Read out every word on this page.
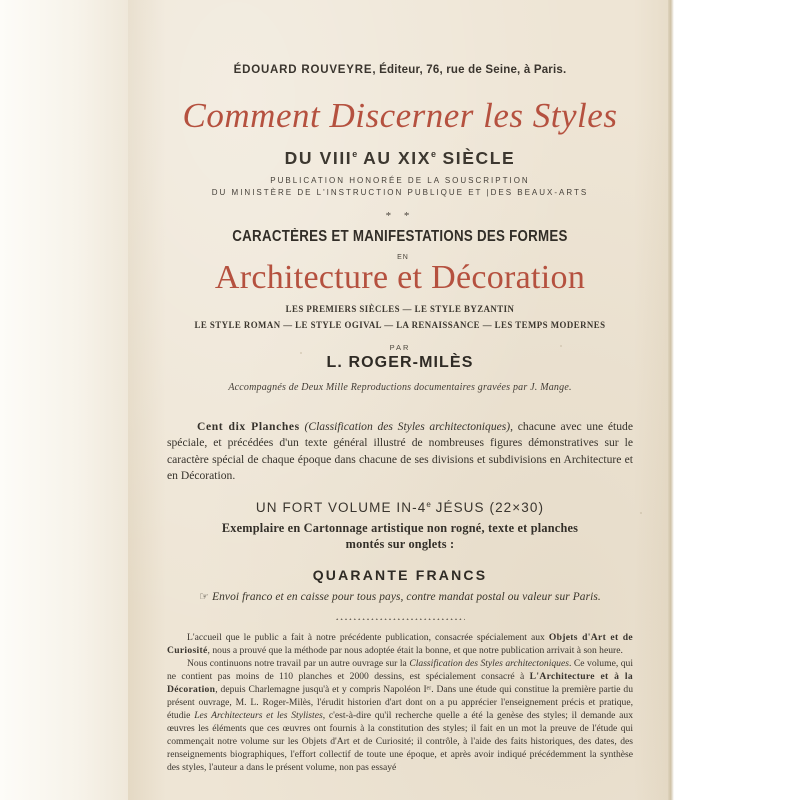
ÉDOUARD ROUVEYRE, Éditeur, 76, rue de Seine, à Paris.
Comment Discerner les Styles
DU VIIIe AU XIXe SIÈCLE
PUBLICATION HONORÉE DE LA SOUSCRIPTION
DU MINISTÈRE DE L'INSTRUCTION PUBLIQUE ET |DES BEAUX-ARTS
* *
CARACTÈRES ET MANIFESTATIONS DES FORMES
EN
Architecture et Décoration
LES PREMIERS SIÈCLES — LE STYLE BYZANTIN
LE STYLE ROMAN — LE STYLE OGIVAL — LA RENAISSANCE — LES TEMPS MODERNES
PAR
L. ROGER-MILÈS
Accompagnés de Deux Mille Reproductions documentaires gravées par J. Mange.
Cent dix Planches (Classification des Styles architectoniques), chacune avec une étude spéciale, et précédées d'un texte général illustré de nombreuses figures démonstratives sur le caractère spécial de chaque époque dans chacune de ses divisions et subdivisions en Architecture et en Décoration.
UN FORT VOLUME IN-4e JÉSUS (22×30)
Exemplaire en Cartonnage artistique non rogné, texte et planches
montés sur onglets :
QUARANTE FRANCS
☞ Envoi franco et en caisse pour tous pays, contre mandat postal ou valeur sur Paris.

L'accueil que le public a fait à notre précédente publication, consacrée spécialement aux Objets d'Art et de Curiosité, nous a prouvé que la méthode par nous adoptée était la bonne, et que notre publication arrivait à son heure.

Nous continuons notre travail par un autre ouvrage sur la Classification des Styles architectoniques. Ce volume, qui ne contient pas moins de 110 planches et 2000 dessins, est spécialement consacré à L'Architecture et à la Décoration, depuis Charlemagne jusqu'à et y compris Napoléon Iᵉʳ. Dans une étude qui constitue la première partie du présent ouvrage, M. L. Roger-Milès, l'érudit historien d'art dont on a pu apprécier l'enseignement précis et pratique, étudie Les Architecteurs et les Stylistes, c'est-à-dire qu'il recherche quelle a été la genèse des styles; il demande aux œuvres les éléments que ces œuvres ont fournis à la constitution des styles; il fait en un mot la preuve de l'étude qui commençait notre volume sur les Objets d'Art et de Curiosité; il contrôle, à l'aide des faits historiques, des dates, des renseignements biographiques, l'effort collectif de toute une époque, et après avoir indiqué précédemment la synthèse des styles, l'auteur a dans le présent volume, non pas essayé
